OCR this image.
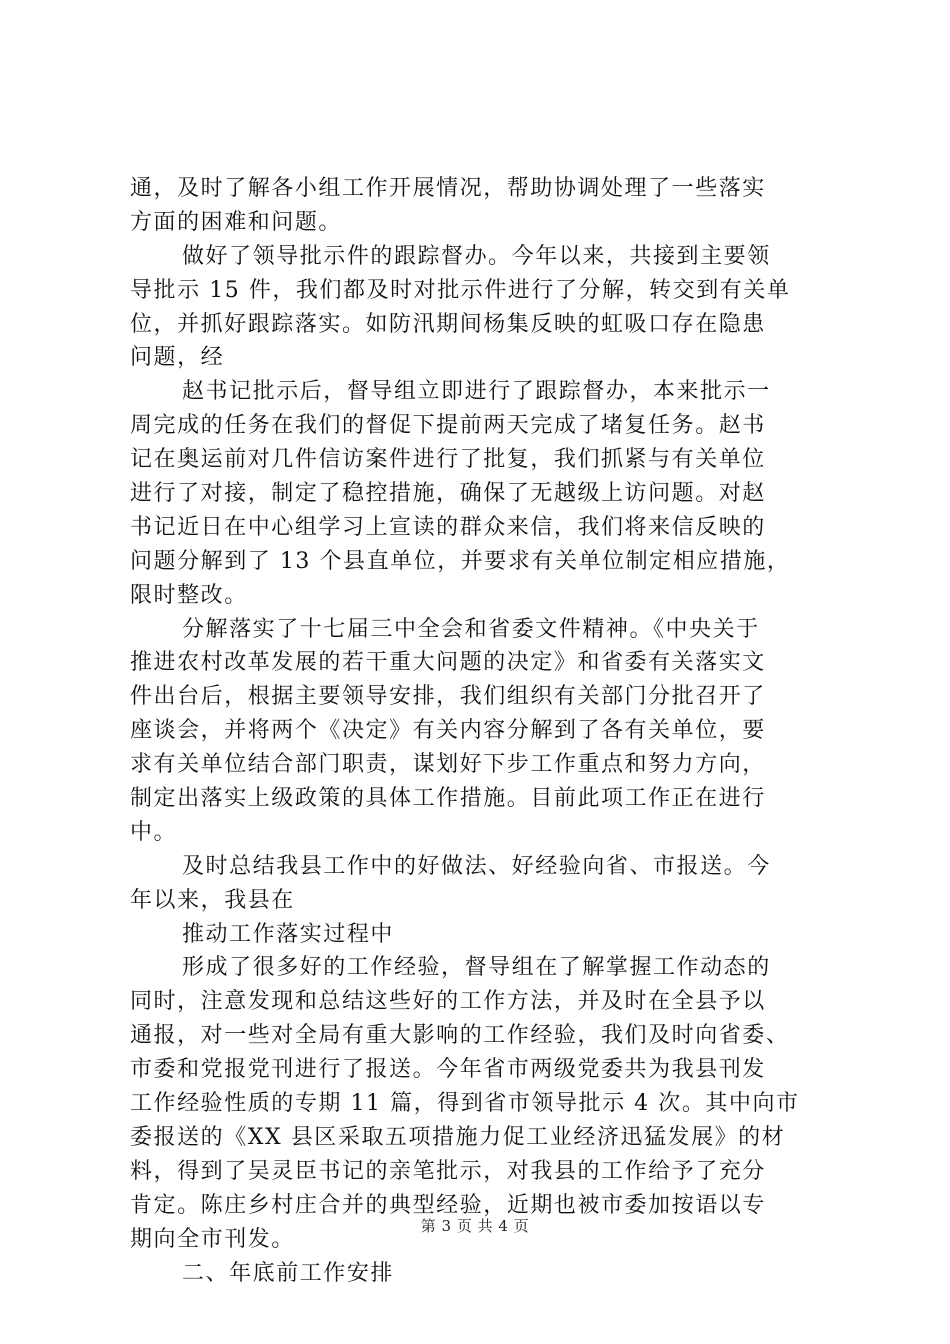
通，及时了解各小组工作开展情况，帮助协调处理了一些落实
方面的困难和问题。
做好了领导批示件的跟踪督办。今年以来，共接到主要领
导批示 15 件，我们都及时对批示件进行了分解，转交到有关单
位，并抓好跟踪落实。如防汛期间杨集反映的虹吸口存在隐患
问题，经
赵书记批示后，督导组立即进行了跟踪督办，本来批示一
周完成的任务在我们的督促下提前两天完成了堵复任务。赵书
记在奥运前对几件信访案件进行了批复，我们抓紧与有关单位
进行了对接，制定了稳控措施，确保了无越级上访问题。对赵
书记近日在中心组学习上宣读的群众来信，我们将来信反映的
问题分解到了 13 个县直单位，并要求有关单位制定相应措施，
限时整改。
分解落实了十七届三中全会和省委文件精神。《中央关于
推进农村改革发展的若干重大问题的决定》和省委有关落实文
件出台后，根据主要领导安排，我们组织有关部门分批召开了
座谈会，并将两个《决定》有关内容分解到了各有关单位，要
求有关单位结合部门职责，谋划好下步工作重点和努力方向，
制定出落实上级政策的具体工作措施。目前此项工作正在进行
中。
及时总结我县工作中的好做法、好经验向省、市报送。今
年以来，我县在
推动工作落实过程中
形成了很多好的工作经验，督导组在了解掌握工作动态的
同时，注意发现和总结这些好的工作方法，并及时在全县予以
通报，对一些对全局有重大影响的工作经验，我们及时向省委、
市委和党报党刊进行了报送。今年省市两级党委共为我县刊发
工作经验性质的专期 11 篇，得到省市领导批示 4 次。其中向市
委报送的《XX 县区采取五项措施力促工业经济迅猛发展》的材
料，得到了吴灵臣书记的亲笔批示，对我县的工作给予了充分
肯定。陈庄乡村庄合并的典型经验，近期也被市委加按语以专
期向全市刊发。
二、年底前工作安排
第 3 页 共 4 页
